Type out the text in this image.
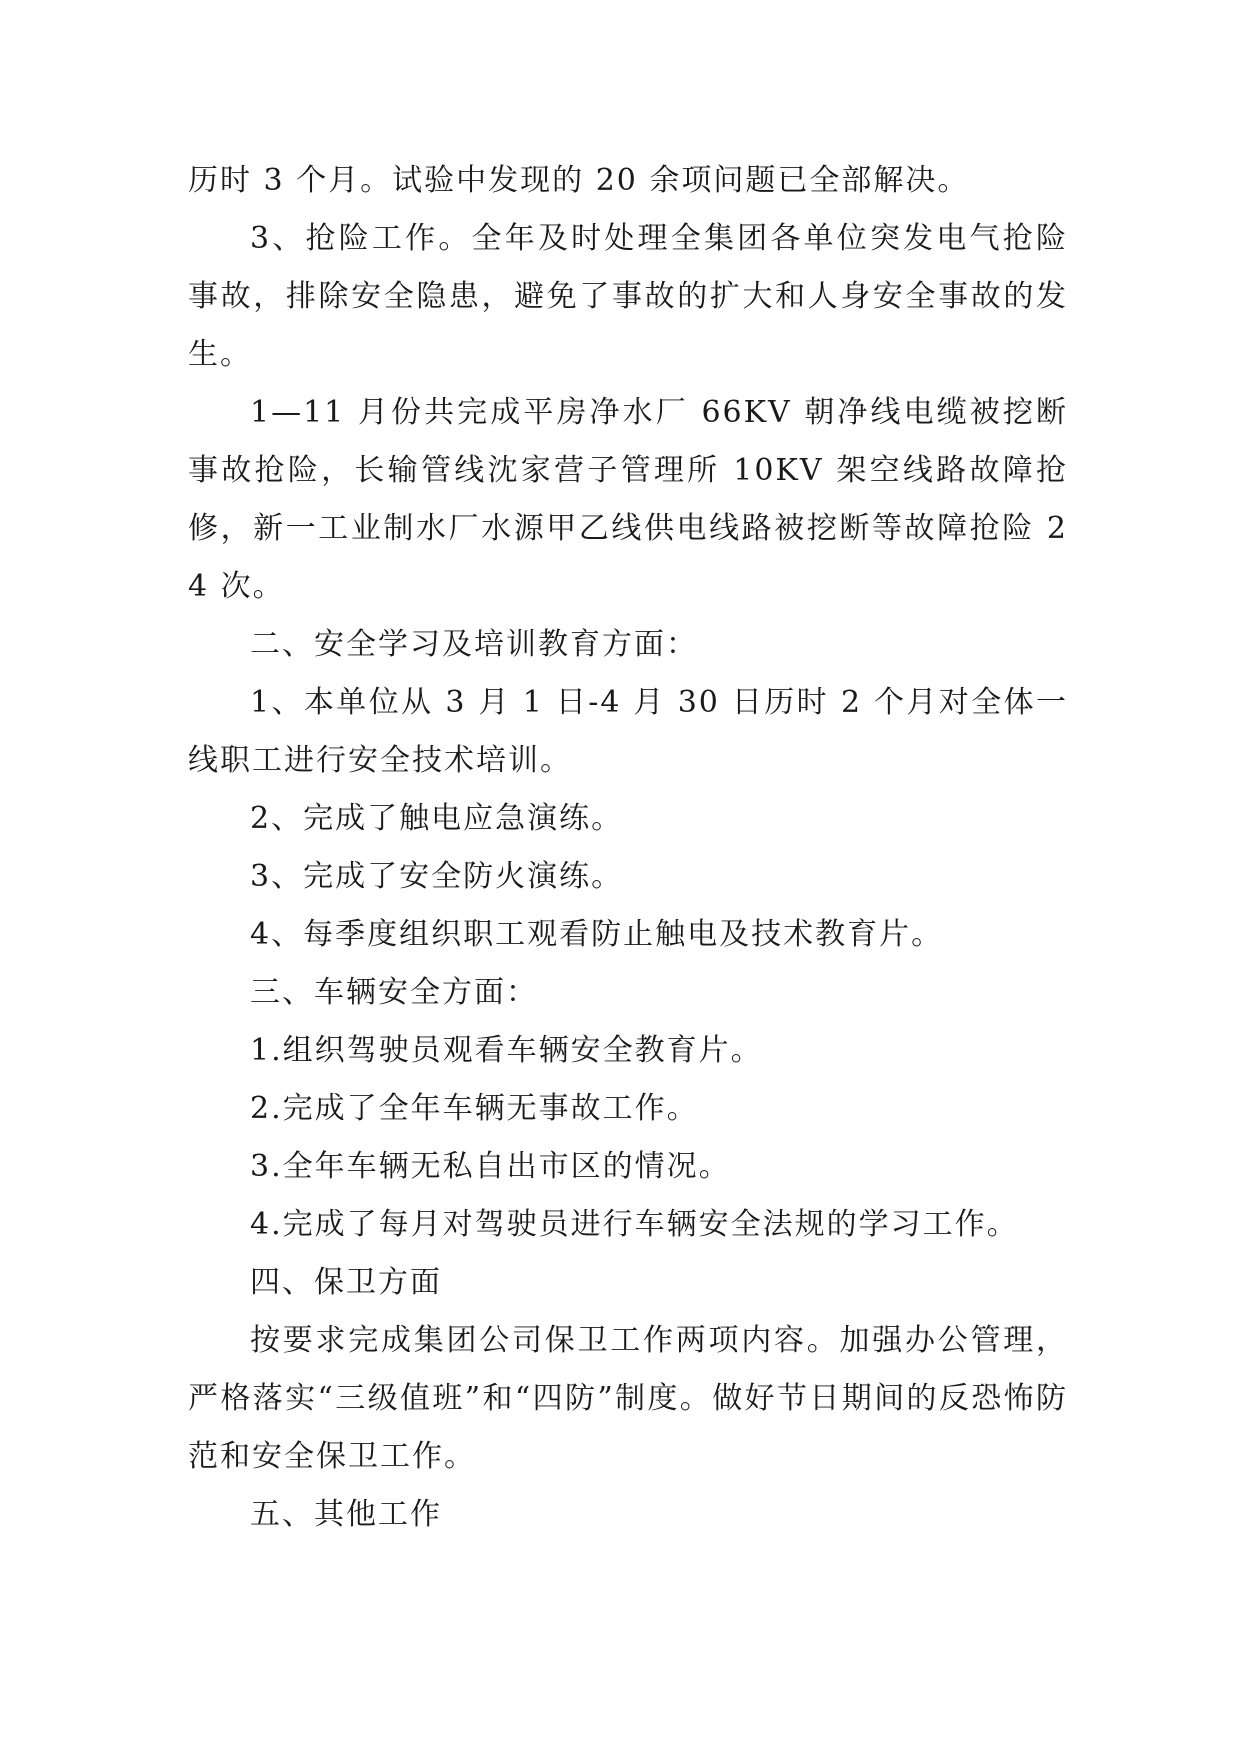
历时 3 个月。试验中发现的 20 余项问题已全部解决。

3、抢险工作。全年及时处理全集团各单位突发电气抢险事故，排除安全隐患，避免了事故的扩大和人身安全事故的发生。

1—11 月份共完成平房净水厂 66KV 朝净线电缆被挖断事故抢险，长输管线沈家营子管理所 10KV 架空线路故障抢修，新一工业制水厂水源甲乙线供电线路被挖断等故障抢险 24 次。

二、安全学习及培训教育方面：

1、本单位从 3 月 1 日-4 月 30 日历时 2 个月对全体一线职工进行安全技术培训。

2、完成了触电应急演练。

3、完成了安全防火演练。

4、每季度组织职工观看防止触电及技术教育片。

三、车辆安全方面：

1.组织驾驶员观看车辆安全教育片。

2.完成了全年车辆无事故工作。

3.全年车辆无私自出市区的情况。

4.完成了每月对驾驶员进行车辆安全法规的学习工作。

四、保卫方面

按要求完成集团公司保卫工作两项内容。加强办公管理，严格落实“三级值班”和“四防”制度。做好节日期间的反恐怖防范和安全保卫工作。

五、其他工作
